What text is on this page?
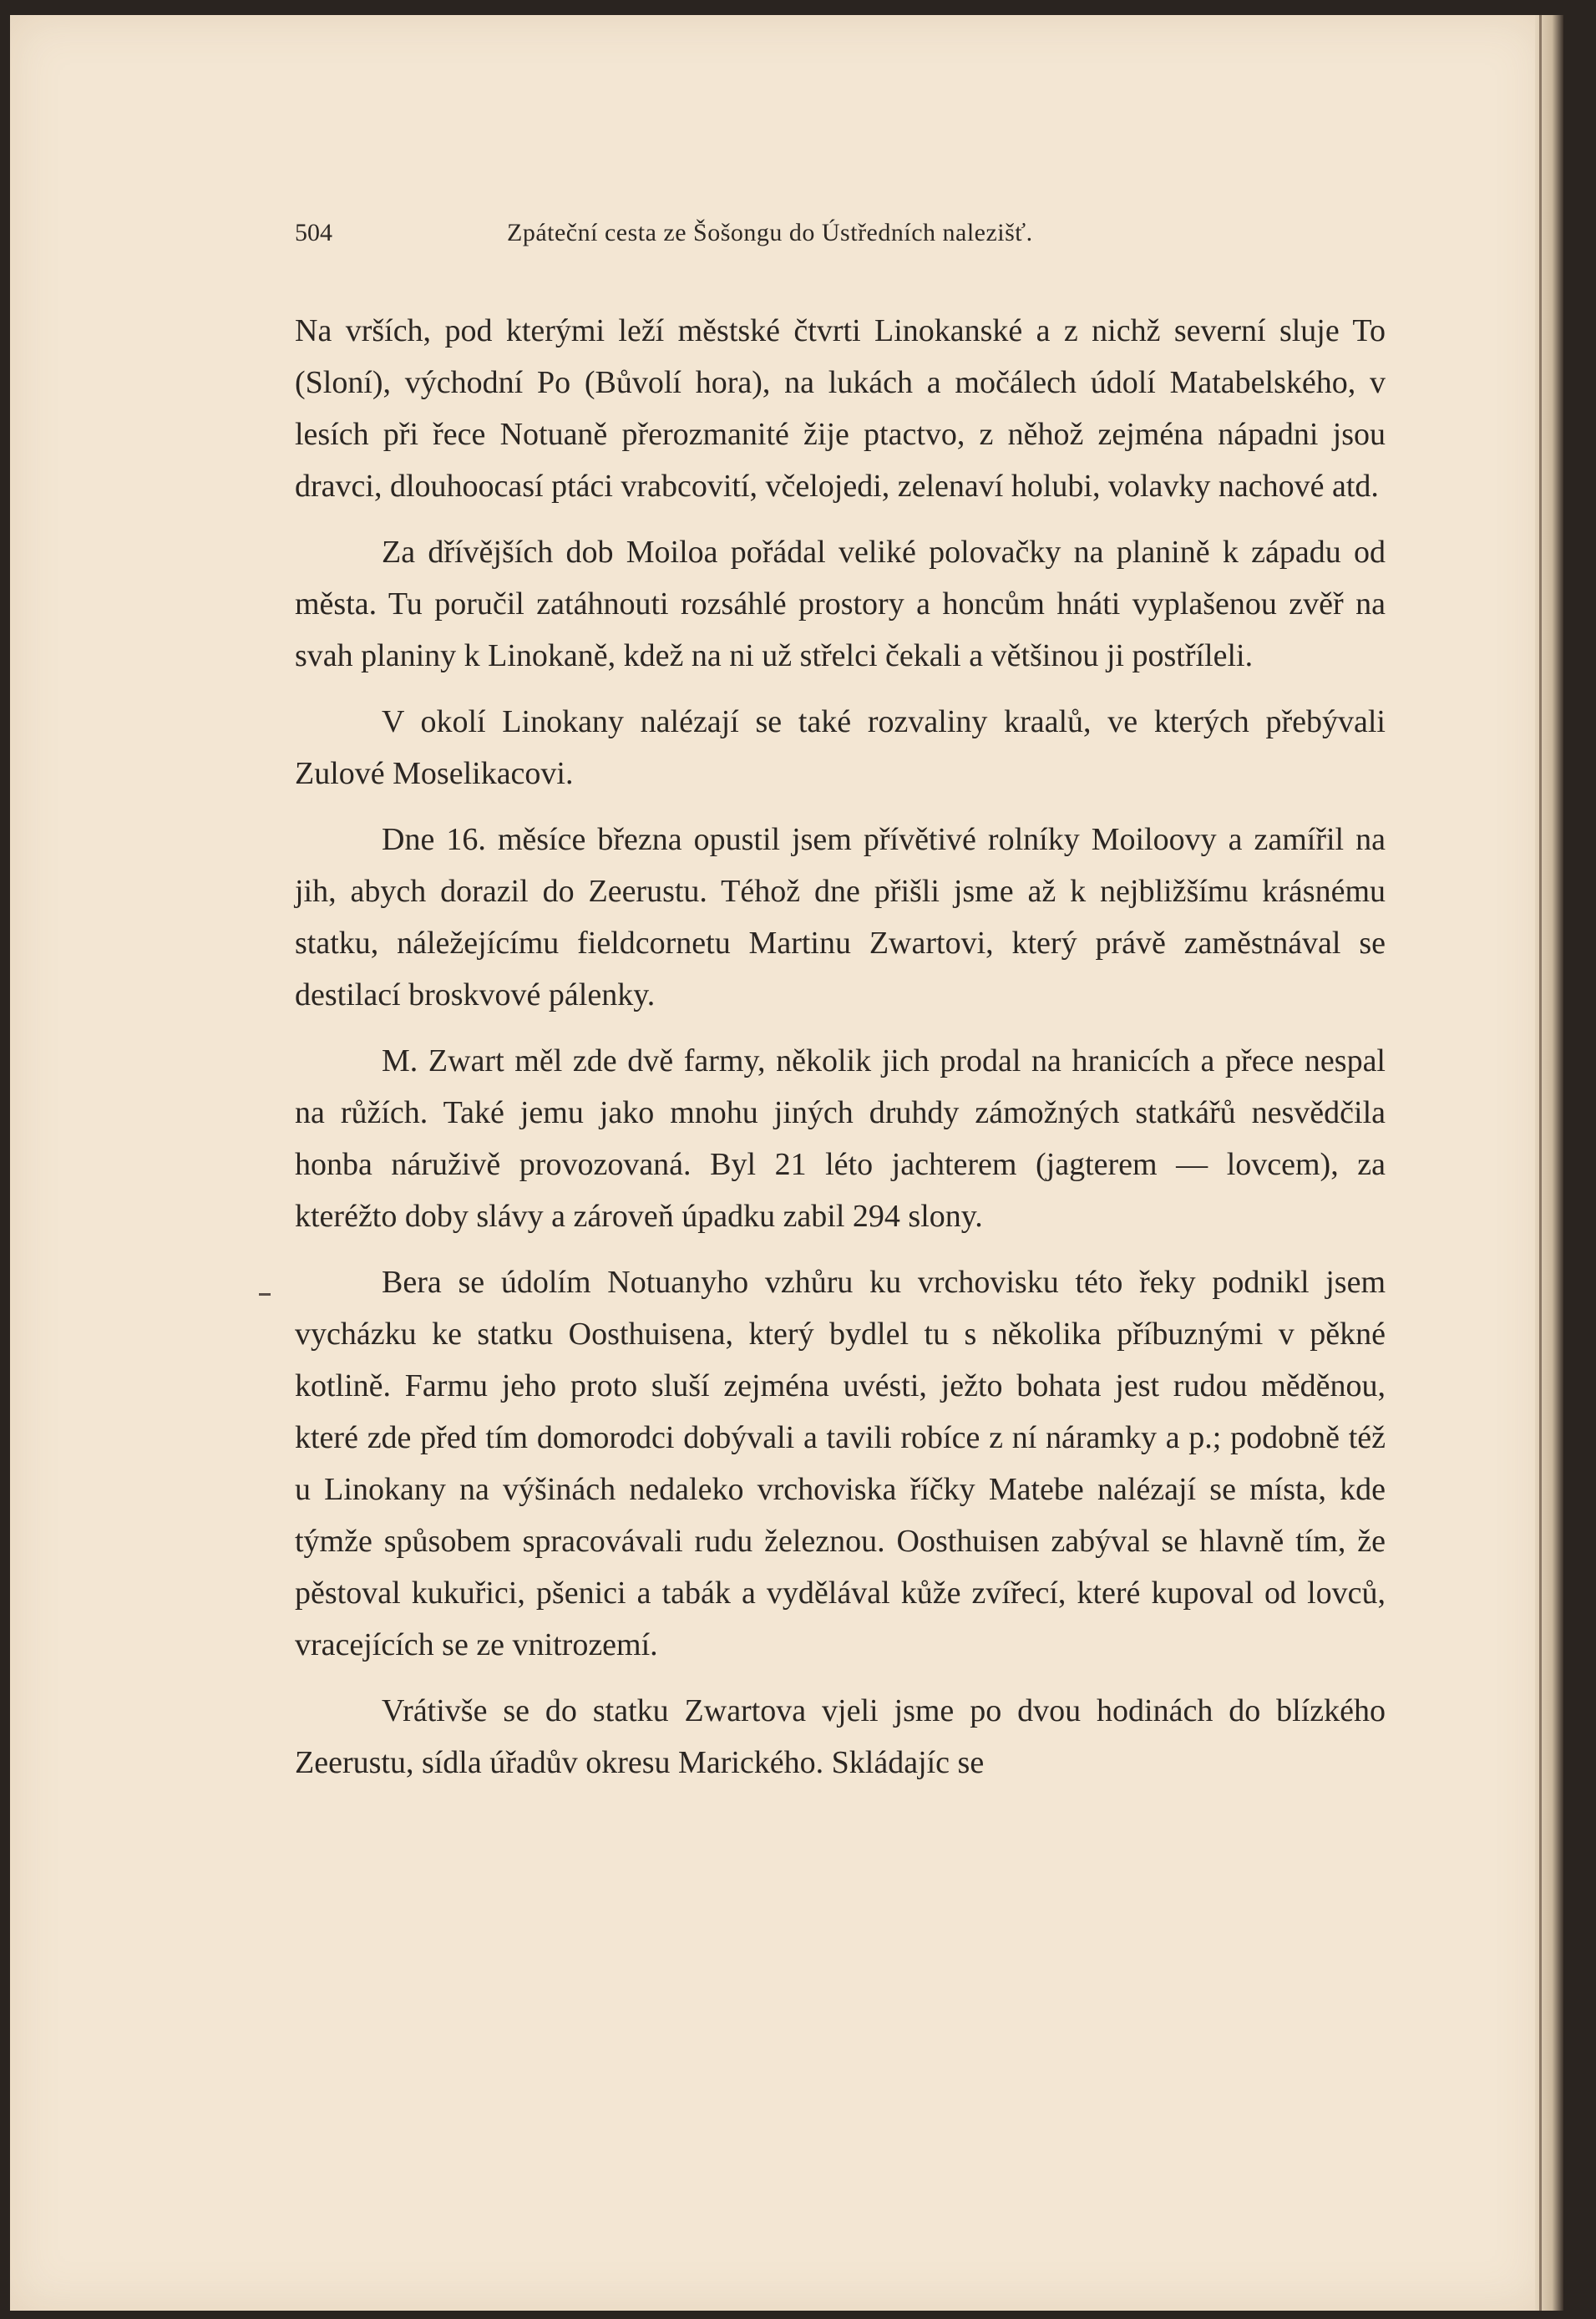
504	Zpáteční cesta ze Šošongu do Ústředních nalezišť.

Na vrších, pod kterými leží městské čtvrti Linokanské a z nichž severní sluje To (Sloní), východní Po (Bůvolí hora), na lukách a močálech údolí Matabelského, v lesích při řece Notuaně přerozmanité žije ptactvo, z něhož zejména nápadni jsou dravci, dlouhoocasí ptáci vrabcovití, včelojedi, zelenaví holubi, volavky nachové atd.

Za dřívějších dob Moiloa pořádal veliké polovačky na planině k západu od města. Tu poručil zatáhnouti rozsáhlé prostory a honcům hnáti vyplašenou zvěř na svah planiny k Linokaně, kdež na ni už střelci čekali a většinou ji postříleli.

V okolí Linokany nalézají se také rozvaliny kraalů, ve kterých přebývali Zulové Moselikacovi.

Dne 16. měsíce března opustil jsem přívětivé rolníky Moiloovy a zamířil na jih, abych dorazil do Zeerustu. Téhož dne přišli jsme až k nejbližšímu krásnému statku, náležejícímu fieldcornetu Martinu Zwartovi, který právě zaměstnával se destilací broskvové pálenky.

M. Zwart měl zde dvě farmy, několik jich prodal na hranicích a přece nespal na růžích. Také jemu jako mnohu jiných druhdy zámožných statkářů nesvědčila honba náruživě provozovaná. Byl 21 léto jachterem (jagterem — lovcem), za kteréžto doby slávy a zároveň úpadku zabil 294 slony.

Bera se údolím Notuanyho vzhůru ku vrchovisku této řeky podnikl jsem vycházku ke statku Oosthuisena, který bydlel tu s několika příbuznými v pěkné kotlině. Farmu jeho proto sluší zejména uvésti, ježto bohata jest rudou měděnou, které zde před tím domorodci dobývali a tavili robíce z ní náramky a p.; podobně též u Linokany na výšinách nedaleko vrchoviska říčky Matebe nalézají se místa, kde týmže spůsobem spracovávali rudu železnou. Oosthuisen zabýval se hlavně tím, že pěstoval kukuřici, pšenici a tabák a vydělával kůže zvířecí, které kupoval od lovců, vracejících se ze vnitrozemí.

Vrátivše se do statku Zwartova vjeli jsme po dvou hodinách do blízkého Zeerustu, sídla úřadův okresu Marického. Skládajíc se
